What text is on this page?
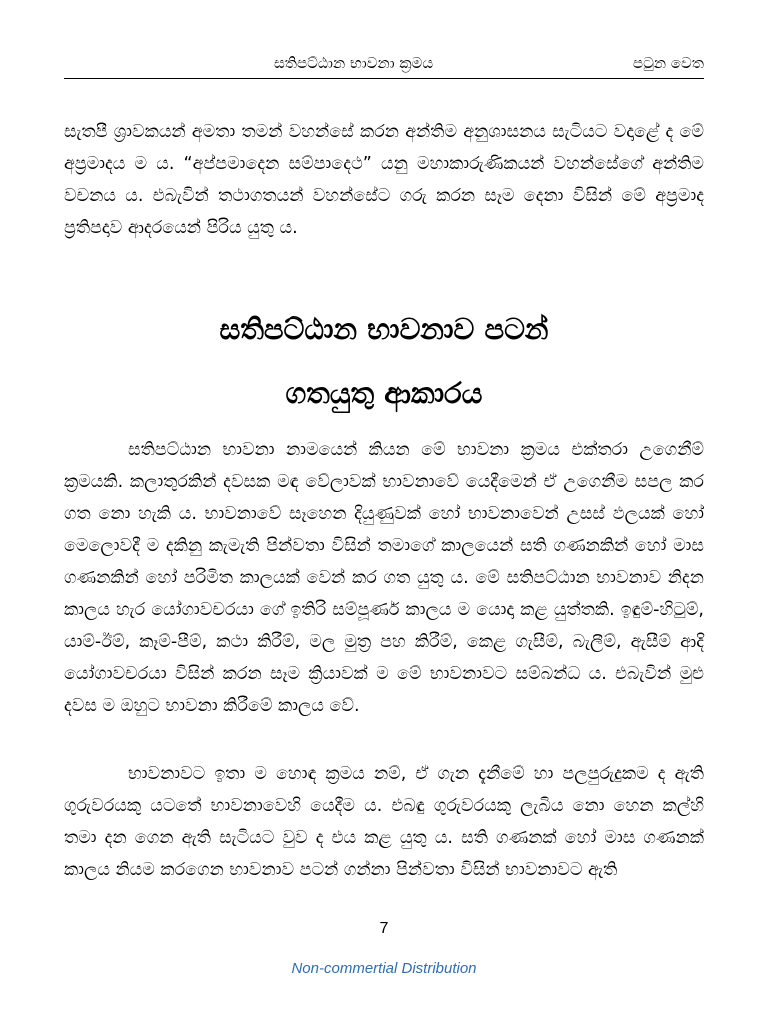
සතිපට්ඨාන භාවනා ක්‍රමය	පටුන වෙත

සැතපී ශ්‍රාවකයන් අමතා තමන් වහන්සේ කරන අන්තිම අනුශාසනය සැටියට වදාළේ ද මේ අප්‍රමාදය ම ය. “අප්පමාදෙන සම්පාදෙථ” යනු මහාකාරුණිකයන් වහන්සේගේ අන්තිම වචනය ය. එබැවින් තථාගතයන් වහන්සේට ගරු කරන සෑම දෙනා විසින් මේ අප්‍රමාද ප්‍රතිපදාව ආදරයෙන් පිරිය යුතු ය.

සතිපට්ඨාන භාවනාව පටන්
ගතයුතු ආකාරය

සතිපට්ඨාන භාවනා නාමයෙන් කියන මේ භාවනා ක්‍රමය එක්තරා උගෙනීම් ක්‍රමයකි. කලාතුරකින් දවසක මඳ වේලාවක් භාවනාවේ යෙදීමෙන් ඒ උගෙනීම සපල කර ගත නො හැකි ය. භාවනාවේ සෑහෙන දියුණුවක් හෝ භාවනාවෙන් උසස් ඵලයක් හෝ මෙලොවදී ම දකිනු කැමැති පින්වතා විසින් තමාගේ කාලයෙන් සති ගණනකින් හෝ මාස ගණනකින් හෝ පරිමිත කාලයක් වෙන් කර ගත යුතු ය. මේ සතිපට්ඨාන භාවනාව නිදන කාලය හැර යෝගාවචරයා ගේ ඉතිරි සම්පූර්ණ කාලය ම යොදා කළ යුත්තකි. ඉඳුම්-හිටුම්, යාම්-ඊම්, කෑම්-පීම්, කථා කිරීම්, මල මුත්‍ර පහ කිරීම්, කෙළ ගැසීම්, බැලීම්, ඇසීම් ආදි යෝගාවචරයා විසින් කරන සෑම ක්‍රියාවක් ම මේ භාවනාවට සම්බන්ධ ය. එබැවින් මුළු දවස ම ඔහුට භාවනා කිරීමේ කාලය වේ.

භාවනාවට ඉතා ම හොඳ ක්‍රමය නම්, ඒ ගැන දැනීමේ හා පලපුරුදුකම ද ඇති ගුරුවරයකු යටතේ භාවනාවෙහි යෙදීම ය. එබඳු ගුරුවරයකු ලැබිය නො හෙන කල්හි තමා දන ගෙන ඇති සැටියට වුව ද එය කළ යුතු ය. සති ගණනක් හෝ මාස ගණනක් කාලය නියම කරගෙන භාවනාව පටන් ගන්නා පින්වතා විසින් භාවනාවට ඇති

7
Non-commertial Distribution
